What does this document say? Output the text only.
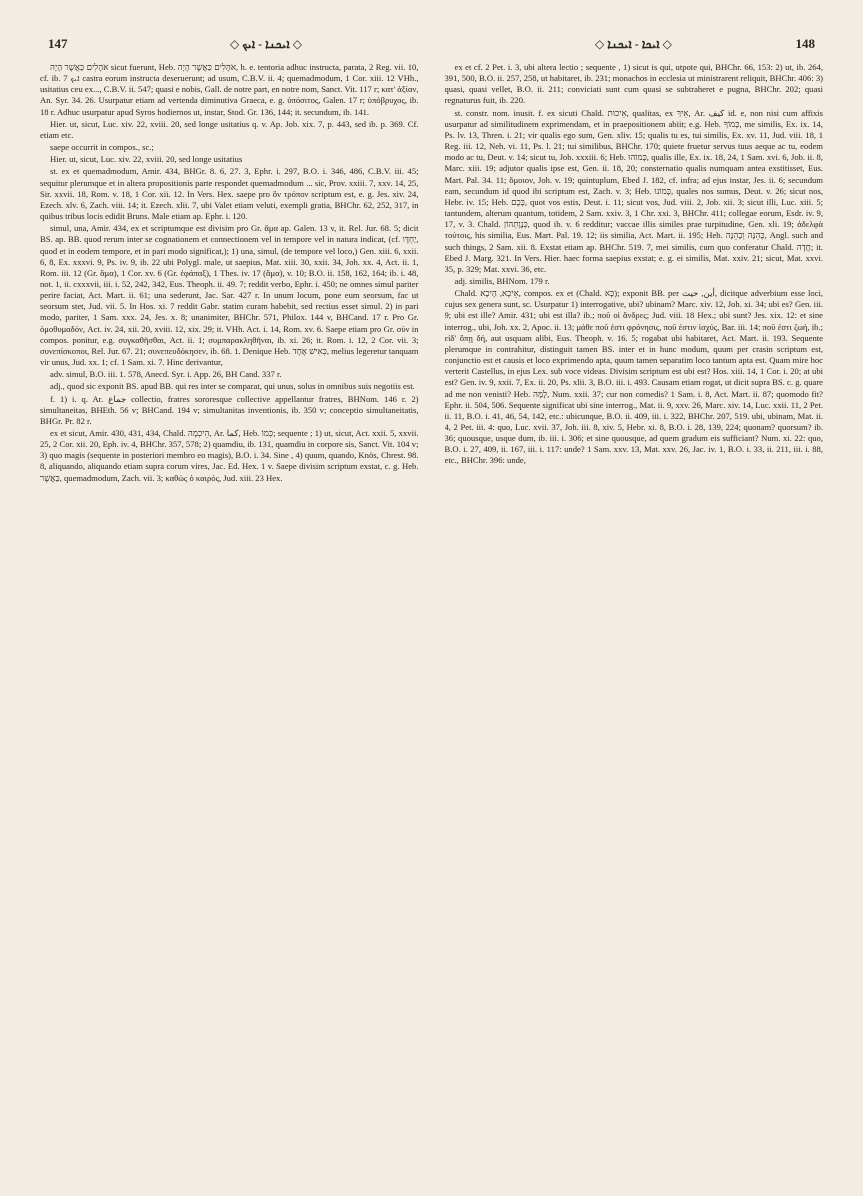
147	◇ ܐܝܟܢܐ - ܐܝܟ ◇	◇ ܐܝܟܐ - ܐܝܟܢܐ ◇	148

אֹהָלִים כַּאֲשֶׁר הָיָה sicut fuerunt, Heb. אֹהָלִים כַּאֲשֶׁר הָיָה, h. e. tentoria adhuc instructa, parata, 2 Reg. vii. 10, cf. ib. 7 ܐܝܟ castra eorum instructa deseruerunt; ad usum, C.B.V. ii. 4; quemadmodum, 1 Cor. xiii. 12 VHh., usitatius ceu ex..., C.B.V. ii. 547; quasi e nobis, Gall. de notre part, en notre nom, Sanct. Vit. 117 r; κατ' ἀξίαν, An. Syr. 34. 26. Usurpatur etiam ad vertenda diminutiva Graeca, e. g. ὑπόσιτος, Galen. 17 r; ὑπόβρυχος, ib. 18 r. Adhuc usurpatur apud Syros hodiernos ut, instar, Stod. Gr. 136, 144; it. secundum, ib. 141.

Hier. ut, sicut, Luc. xiv. 22, xviii. 20, sed longe usitatius q. v. Ap. Job. xix. 7, p. 443, sed ib. p. 369. Cf. etiam etc.

saepe occurrit in compos., sc.;

Hier. ut, sicut, Luc. xiv. 22, xviii. 20, sed longe usitatius

st. ex et quemadmodum, Amir. 434, BHGr. 8. 6, 27. 3, Ephr. i. 297, B.O. i. 346, 486, C.B.V. iii. 45; sequitur plerumque et in altera propositionis parte respondet quemadmodum ... sic, Prov. xxiii. 7, xxv. 14, 25, Sir. xxvii. 18, Rom. v. 18, 1 Cor. xii. 12. In Vers. Hex. saepe pro ὃν τρόπον scriptum est, e. g. Jes. xiv. 24, Ezech. xlv. 6, Zach. viii. 14; it. Ezech. xlii. 7, ubi Valet etiam veluti, exempli gratia, BHChr. 62, 252, 317, in quibus tribus locis edidit Bruns. Male etiam ap. Ephr. i. 120.

simul, una, Amir. 434, ex et scriptumque est divisim pro Gr. ἅμα ap. Galen. 13 v, it. Rel. Jur. 68. 5; dicit BS. ap. BB. quod rerum inter se cognationem et connectionem vel in tempore vel in natura indicat, (cf. יַחְדָּו, quod et in eodem tempore, et in pari modo significat,); 1) una, simul, (de tempore vel loco,) Gen. xiii. 6, xxii. 6, 8, Ex. xxxvi. 9, Ps. iv. 9, ib. 22 ubi Polygl. male, ut saepius, Mat. xiii. 30, xxii. 34, Joh. xx. 4, Act. ii. 1, Rom. iii. 12 (Gr. ἅμα), 1 Cor. xv. 6 (Gr. ἐφάπαξ), 1 Thes. iv. 17 (ἅμα), v. 10; B.O. ii. 158, 162, 164; ib. i. 48, not. 1, ii. cxxxvii, iii. i. 52, 242, 342, Eus. Theoph. ii. 49. 7; reddit verbo, Ephr. i. 450; ne omnes simul pariter perire faciat, Act. Mart. ii. 61; una sederunt, Jac. Sar. 427 r. In unum locum, pone eum seorsum, fac ut seorsum stet, Jud. vii. 5. In Hos. xi. 7 reddit Gabr. statim curam habebit, sed rectius esset simul. 2) in pari modo, pariter, 1 Sam. xxx. 24, Jes. x. 8; unanimiter, BHChr. 571, Philox. 144 v, BHCand. 17 r. Pro Gr. ὁμοθυμαδόν, Act. iv. 24, xii. 20, xviii. 12, xix. 29; it. VHh. Act. i. 14, Rom. xv. 6. Saepe etiam pro Gr. σὺν in compos. ponitur, e.g. συγκαθῆσθαι, Act. ii. 1; συμπαρακληθῆναι, ib. xi. 26; it. Rom. i. 12, 2 Cor. vii. 3; συνεπίσκοποι, Rel. Jur. 67. 21; συνεπευδόκησεν, ib. 68. 1. Denique Heb. כְּאִישׁ אֶחָד, melius legeretur tanquam vir unus, Jud. xx. 1; cf. 1 Sam. xi. 7. Hinc derivantur,

adv. simul, B.O. iii. 1. 578, Anecd. Syr. i. App. 26, BH Cand. 337 r.

adj., quod sic exponit BS. apud BB. qui res inter se comparat, qui unus, solus in omnibus suis negotiis est.

f. 1) i. q. Ar. جماع collectio, fratres sororesque collective appellantur fratres, BHNom. 146 r. 2) simultaneitas, BHEth. 56 v; BHCand. 194 v; simultanitas inventionis, ib. 350 v; conceptio simultaneitatis, BHGr. Pr. 82 r.

ex et sicut, Amir. 430, 431, 434, Chald. הֵיכְמָה, Ar. كما, Heb. כְּמוֹ; sequente ; 1) ut, sicut, Act. xxii. 5, xxvii. 25, 2 Cor. xii. 20, Eph. iv. 4, BHChr. 357, 578; 2) quamdiu, ib. 131, quamdiu in corpore sis, Sanct. Vit. 104 v; 3) quo magis (sequente in posteriori membro eo magis), B.O. i. 34. Sine , 4) quum, quando, Knös, Chrest. 98. 8, aliquando, aliquando etiam supra corum vires, Jac. Ed. Hex. 1 v. Saepe divisim scriptum exstat, c. g. Heb. כַּאֲשֶׁר, quemadmodum, Zach. vii. 3; καθὼς ὁ καιρός, Jud. xiii. 23 Hex.

ex et cf. 2 Pet. i. 3, ubi altera lectio ; sequente , 1) sicut is qui, utpote qui, BHChr. 66, 153: 2) ut, ib. 264, 391, 500, B.O. ii. 257, 258, ut habitaret, ib. 231; monachos in ecclesia ut ministrarent reliquit, BHChr. 406: 3) quasi, quasi vellet, B.O. ii. 211; conviciati sunt cum quasi se subtraheret e pugna, BHChr. 202; quasi regnaturus fuit, ib. 220.

st. constr. nom. inusit. f. ex sicuti Chald. אֵיכוּת, qualitas, ex אֵיךְ, Ar. كيف id. e, non nisi cum affixis usurpatur ad similitudinem exprimendam, et in praepositionem abiit; e.g. Heb. כָּמוֹךָ, me similis, Ex. ix. 14, Ps. lv. 13, Thren. i. 21; vir qualis ego sum, Gen. xliv. 15; qualis tu es, tui similis, Ex. xv. 11, Jud. viii. 18, 1 Reg. iii. 12, Neh. vi. 11, Ps. l. 21; tui similibus, BHChr. 170; quiete fruetur servus tuus aeque ac tu, eodem modo ac tu, Deut. v. 14; sicut tu, Job. xxxiii. 6; Heb. כָּמוֹהוּ, qualis ille, Ex. ix. 18, 24, 1 Sam. xvi. 6, Job. ii. 8, Marc. xiii. 19; adjutor qualis ipse est, Gen. ii. 18, 20; consternatio qualis numquam antea exstitisset, Eus. Mart. Pal. 34. 11; ὅμοιον, Joh. v. 19; quintuplum, Ebed J. 182, cf. infra; ad ejus instar, Jes. ii. 6; secundum eam, secundum id quod ibi scriptum est, Zach. v. 3; Heb. כָּמוֹנוּ, quales nos sumus, Deut. v. 26; sicut nos, Hebr. iv. 15; Heb. כָּכֶם, quot vos estis, Deut. i. 11; sicut vos, Jud. viii. 2, Job. xii. 3; sicut illi, Luc. xiii. 5; tantundem, alterum quantum, totidem, 2 Sam. xxiv. 3, 1 Chr. xxi. 3, BHChr. 411; collegae eorum, Esdr. iv. 9, 17, v. 3. Chald. כְּנָוָתְהוֹן, quod ib. v. 6 redditur; vaccae illis similes prae turpitudine, Gen. xli. 19; ἀδελφὰ τούτοις, his similia, Eus. Mart. Pal. 19. 12; iis similia, Act. Mart. ii. 195; Heb. כָּהֵנָּה וְכָהֵנָּה, Angl. such and such things, 2 Sam. xii. 8. Exstat etiam ap. BHChr. 519. 7, mei similis, cum quo conferatur Chald. חֲדָה; it. Ebed J. Marg. 321. In Vers. Hier. haec forma saepius exstat; e. g. ei similis, Mat. xxiv. 21; sicut, Mat. xxvi. 35, p. 329; Mat. xxvi. 36, etc.

adj. similis, BHNom. 179 r.

Chald. אֵיכָא, הָיכָא, compos. ex et (Chald. כָּא); exponit BB. per أين, حيث, dicitque adverbium esse loci, cujus sex genera sunt, sc. Usurpatur 1) interrogative, ubi? ubinam? Marc. xiv. 12, Joh. xi. 34; ubi es? Gen. iii. 9; ubi est ille? Amir. 431; ubi est illa? ib.; ποῦ οἱ ἄνδρες; Jud. viii. 18 Hex.; ubi sunt? Jes. xix. 12: et sine interrog., ubi, Joh. xx. 2, Apoc. ii. 13; μάθε ποῦ ἐστι φρόνησις, ποῦ ἐστιν ἰσχύς, Bar. iii. 14; ποῦ ἐστι ζωή, ib.; εἰδ' ὅπῃ δή, aut usquam alibi, Eus. Theoph. v. 16. 5; rogabat ubi habitaret, Act. Mart. ii. 193. Sequente plerumque in contrahitur, distinguit tamen BS. inter et in hunc modum, quum per crasin scriptum est, conjunctio est et causis et loco exprimendo apta, quum tamen separatim loco tantum apta est. Quam mire hoc verterit Castellus, in ejus Lex. sub voce videas. Divisim scriptum est ubi est? Hos. xiii. 14, 1 Cor. i. 20; at ubi est? Gen. iv. 9, xxii. 7, Ex. ii. 20, Ps. xlii. 3, B.O. iii. i. 493. Causam etiam rogat, ut dicit supra BS. c. g. quare ad me non venisti? Heb. לָמָּה, Num. xxii. 37; cur non comedis? 1 Sam. i. 8, Act. Mart. ii. 87; quomodo fit? Ephr. ii. 504, 506. Sequente significat ubi sine interrog., Mat. ii. 9, xxv. 26, Marc. xiv. 14, Luc. xxii. 11, 2 Pet. ii. 11, B.O. i. 41, 46, 54, 142, etc.: ubicunque, B.O. ii. 409, iii. i. 322, BHChr. 207, 519. ubi, ubinam, Mat. ii. 4, 2 Pet. iii. 4: quo, Luc. xvii. 37, Joh. iii. 8, xiv. 5, Hebr. xi. 8, B.O. i. 28, 139, 224; quonam? quorsum? ib. 36; quousque, usque dum, ib. iii. i. 306; et sine quousque, ad quem gradum eis sufficiant? Num. xi. 22: quo, B.O. i. 27, 409, ii. 167, iii. i. 117: unde? 1 Sam. xxv. 13, Mat. xxv. 26, Jac. iv. 1, B.O. i. 33, ii. 211, iii. i. 88, etc., BHChr. 396: unde,
